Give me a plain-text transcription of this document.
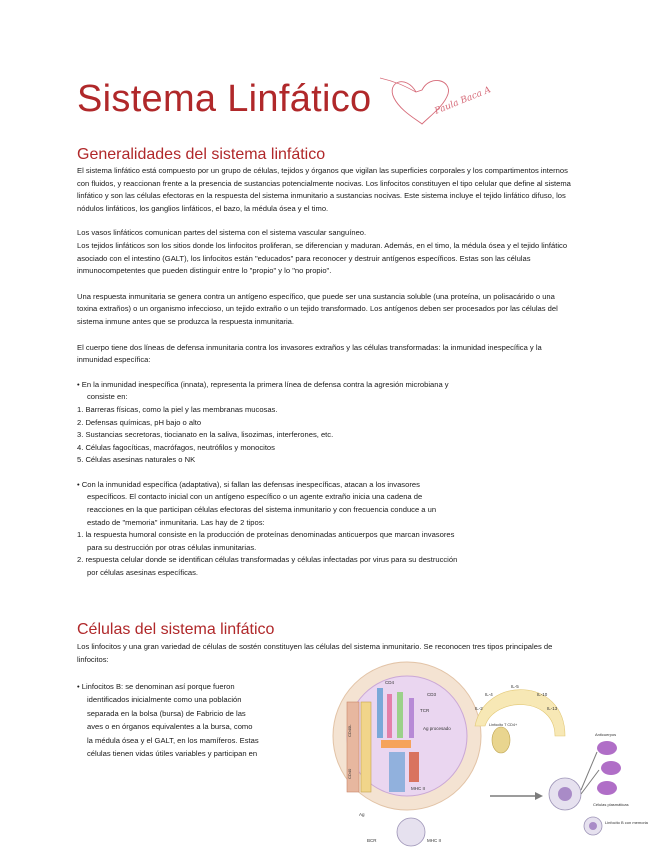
Sistema Linfático	Paula Baca A
Generalidades del sistema linfático

El sistema linfático está compuesto por un grupo de células, tejidos y órganos que vigilan las superficies corporales y los compartimentos internos con fluidos, y reaccionan frente a la presencia de sustancias potencialmente nocivas. Los linfocitos constituyen el tipo celular que define al sistema linfático y son las células efectoras en la respuesta del sistema inmunitario a sustancias nocivas. Este sistema incluye el tejido linfático difuso, los nódulos linfáticos, los ganglios linfáticos, el bazo, la médula ósea y el timo.

Los vasos linfáticos comunican partes del sistema con el sistema vascular sanguíneo.

Los tejidos linfáticos son los sitios donde los linfocitos proliferan, se diferencian y maduran. Además, en el timo, la médula ósea y el tejido linfático asociado con el intestino (GALT), los linfocitos están "educados" para reconocer y destruir antígenos específicos. Estas son las células inmunocompetentes que pueden distinguir entre lo "propio" y lo "no propio".

Una respuesta inmunitaria se genera contra un antígeno específico, que puede ser una sustancia soluble (una proteína, un polisacárido o una toxina extraños) o un organismo infeccioso, un tejido extraño o un tejido transformado. Los antígenos deben ser procesados por las células del sistema inmune antes que se produzca la respuesta inmunitaria.

El cuerpo tiene dos líneas de defensa inmunitaria contra los invasores extraños y las células transformadas: la inmunidad inespecífica y la inmunidad específica:

• En la inmunidad inespecífica (innata), representa la primera línea de defensa contra la agresión microbiana y

consiste en:

1. Barreras físicas, como la piel y las membranas mucosas.
2. Defensas químicas, pH bajo o alto
3. Sustancias secretoras, tiocianato en la saliva, lisozimas, interferones, etc.
4. Células fagocíticas, macrófagos, neutrófilos y monocitos
5. Células asesinas naturales o NK

• Con la inmunidad específica (adaptativa), si fallan las defensas inespecíficas, atacan a los invasores

específicos. El contacto inicial con un antígeno específico o un agente extraño inicia una cadena de

reacciones en la que participan células efectoras del sistema inmunitario y con frecuencia conduce a un

estado de "memoria" inmunitaria. Las hay de 2 tipos:

1. la respuesta humoral consiste en la producción de proteínas denominadas anticuerpos que marcan invasores

para su destrucción por otras células inmunitarias.

2. respuesta celular donde se identifican células transformadas y células infectadas por virus para su destrucción

por células asesinas específicas.

Células del sistema linfático

Los linfocitos y una gran variedad de células de sostén constituyen las células del sistema inmunitario. Se reconocen tres tipos principales de linfocitos:

• Linfocitos B: se denominan así porque fueron

identificados inicialmente como una población

separada en la bolsa (bursa) de Fabricio de las

aves o en órganos equivalentes a la bursa, como

la médula ósea y el GALT, en los mamíferos. Estas

células tienen vidas útiles variables y participan en

CD4
CD40L
TCR
CD3
Ag procesado
CD40
MHC II
IL-4
IL-5
IL-2
IL-10
IL-13
Linfocito T CD4+
Anticuerpos
Células plasmáticas
Linfocito B con memoria
Ag
BCR	MHC II
